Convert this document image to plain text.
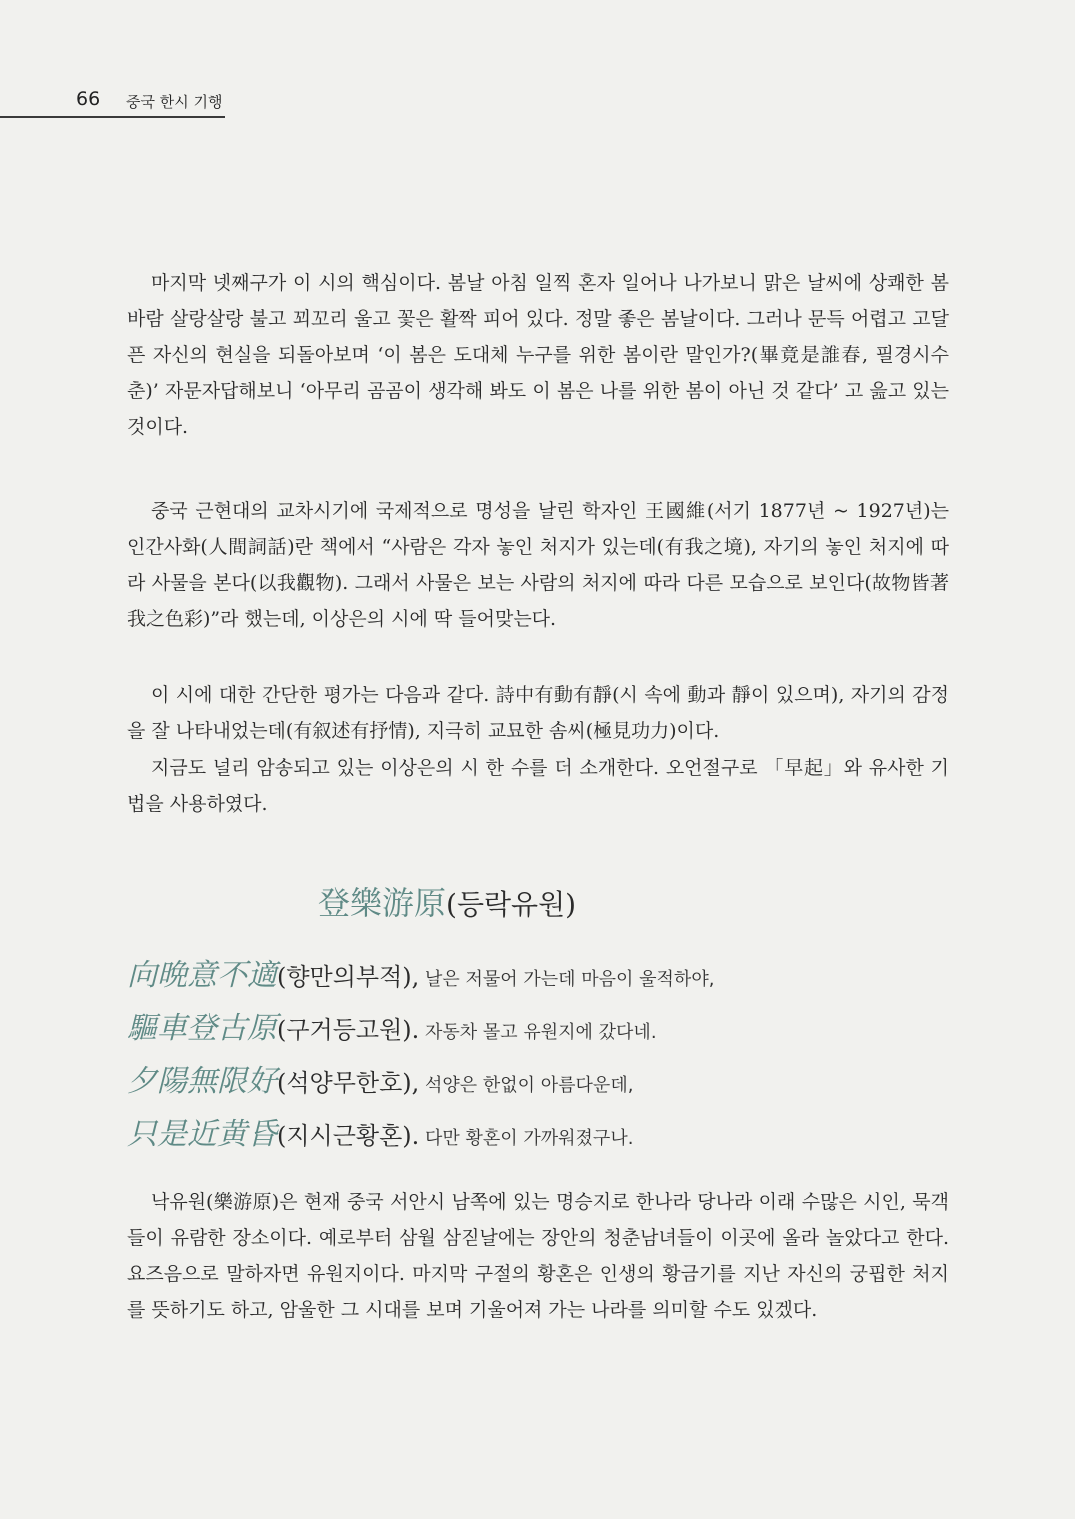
66 중국 한시 기행

마지막 넷째구가 이 시의 핵심이다. 봄날 아침 일찍 혼자 일어나 나가보니 맑은 날씨에 상쾌한 봄바람 살랑살랑 불고 꾀꼬리 울고 꽃은 활짝 피어 있다. 정말 좋은 봄날이다. 그러나 문득 어렵고 고달픈 자신의 현실을 되돌아보며 ‘이 봄은 도대체 누구를 위한 봄이란 말인가?(畢竟是誰春, 필경시수춘)’ 자문자답해보니 ‘아무리 곰곰이 생각해 봐도 이 봄은 나를 위한 봄이 아닌 것 같다’ 고 읊고 있는 것이다.

중국 근현대의 교차시기에 국제적으로 명성을 날린 학자인 王國維(서기 1877년 ~ 1927년)는 인간사화(人間詞話)란 책에서 “사람은 각자 놓인 처지가 있는데(有我之境), 자기의 놓인 처지에 따라 사물을 본다(以我觀物). 그래서 사물은 보는 사람의 처지에 따라 다른 모습으로 보인다(故物皆著我之色彩)”라 했는데, 이상은의 시에 딱 들어맞는다.

이 시에 대한 간단한 평가는 다음과 같다. 詩中有動有靜(시 속에 動과 靜이 있으며), 자기의 감정을 잘 나타내었는데(有叙述有抒情), 지극히 교묘한 솜씨(極見功力)이다.

지금도 널리 암송되고 있는 이상은의 시 한 수를 더 소개한다. 오언절구로 「早起」와 유사한 기법을 사용하였다.

登樂游原(등락유원)

向晩意不適(향만의부적), 날은 저물어 가는데 마음이 울적하야,

驅車登古原(구거등고원). 자동차 몰고 유원지에 갔다네.

夕陽無限好(석양무한호), 석양은 한없이 아름다운데,

只是近黄昏(지시근황혼). 다만 황혼이 가까워졌구나.

낙유원(樂游原)은 현재 중국 서안시 남쪽에 있는 명승지로 한나라 당나라 이래 수많은 시인, 묵객들이 유람한 장소이다. 예로부터 삼월 삼짇날에는 장안의 청춘남녀들이 이곳에 올라 놀았다고 한다. 요즈음으로 말하자면 유원지이다. 마지막 구절의 황혼은 인생의 황금기를 지난 자신의 궁핍한 처지를 뜻하기도 하고, 암울한 그 시대를 보며 기울어져 가는 나라를 의미할 수도 있겠다.
